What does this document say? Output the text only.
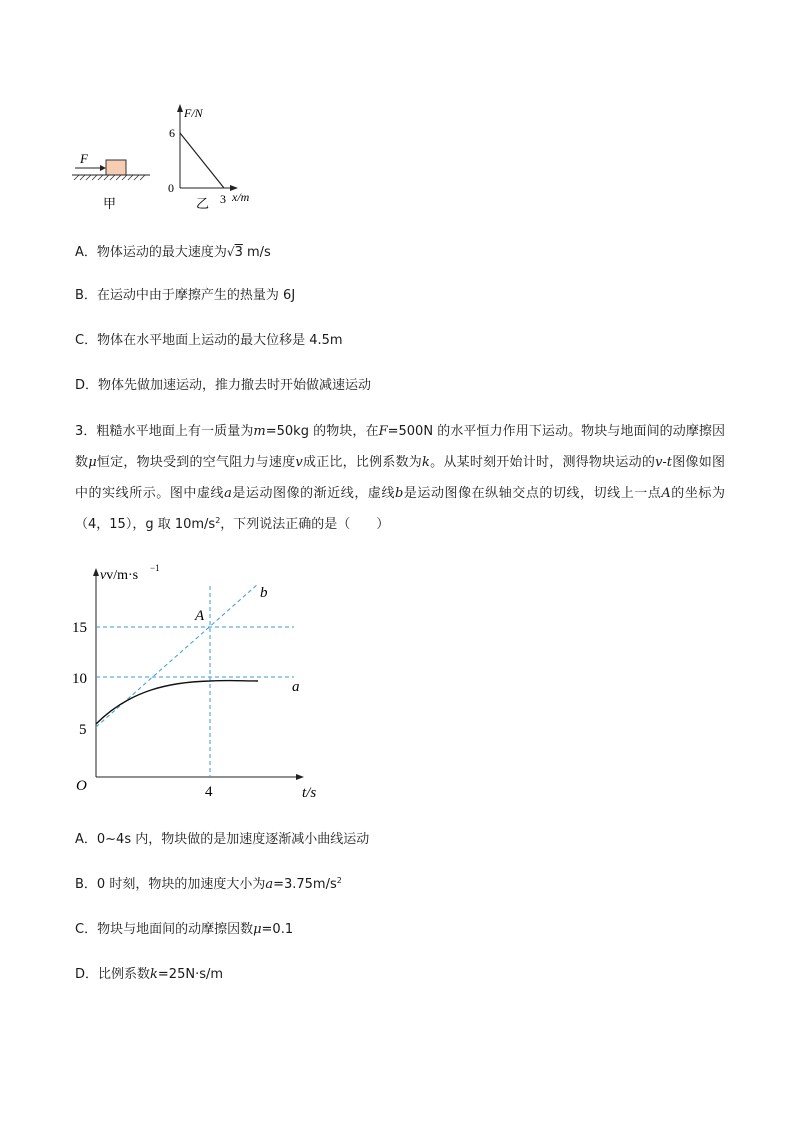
F
甲
F/N
x/m
6
0
3
乙
A．物体运动的最大速度为√3 m/s
B．在运动中由于摩擦产生的热量为 6J
C．物体在水平地面上运动的最大位移是 4.5m
D．物体先做加速运动，推力撤去时开始做减速运动
3．粗糙水平地面上有一质量为m=50kg 的物块，在F=500N 的水平恒力作用下运动。物块与地面间的动摩擦因数μ恒定，物块受到的空气阻力与速度v成正比，比例系数为k。从某时刻开始计时，测得物块运动的v-t图像如图中的实线所示。图中虚线a是运动图像的渐近线，虚线b是运动图像在纵轴交点的切线，切线上一点A的坐标为（4，15），g 取 $10m/s^2$，下列说法正确的是（　　）
vv/m·s −1
t/s
O
15
10
5
4
A
b
a
A．0~4s 内，物块做的是加速度逐渐减小曲线运动
B．0 时刻，物块的加速度大小为$a=3.75m/s^2$
C．物块与地面间的动摩擦因数μ=0.1
D．比例系数k=25N·s/m
